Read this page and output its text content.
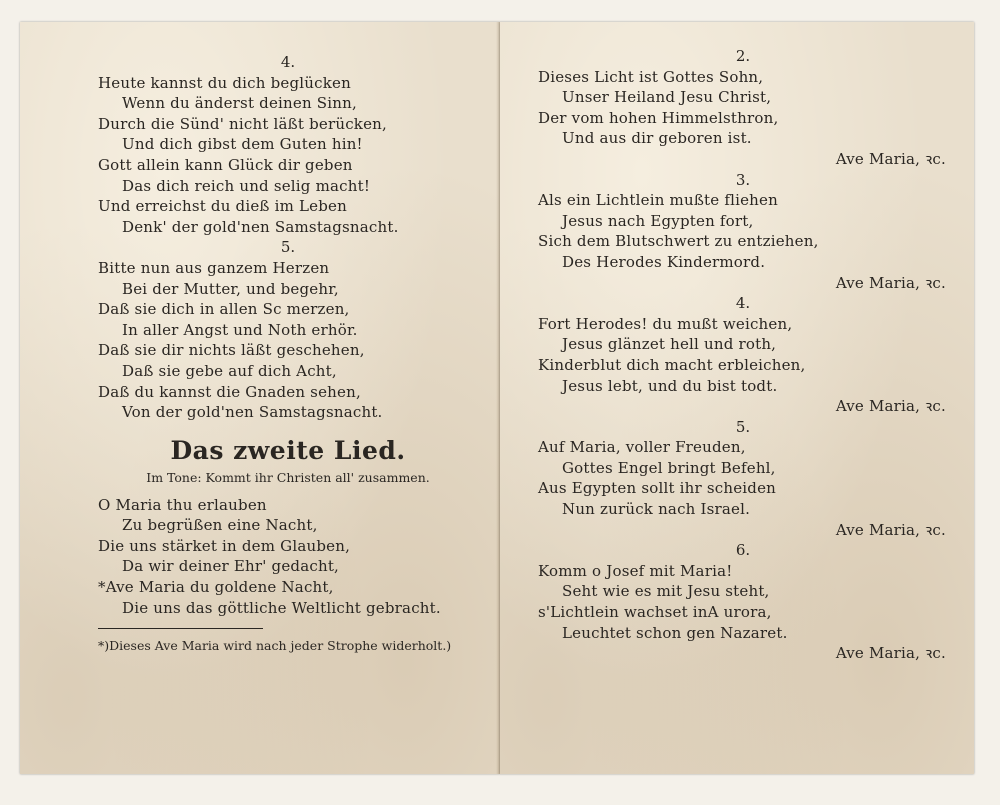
4.
Heute kannst du dich beglücken
Wenn du änderst deinen Sinn,
Durch die Sünd' nicht läßt berücken,
Und dich gibst dem Guten hin!
Gott allein kann Glück dir geben
Das dich reich und selig macht!
Und erreichst du dieß im Leben
Denk' der gold'nen Samstagsnacht.
5.
Bitte nun aus ganzem Herzen
Bei der Mutter, und begehr,
Daß sie dich in allen Sc merzen,
In aller Angst und Noth erhör.
Daß sie dir nichts läßt geschehen,
Daß sie gebe auf dich Acht,
Daß du kannst die Gnaden sehen,
Von der gold'nen Samstagsnacht.
Das zweite Lied.
Im Tone: Kommt ihr Christen all' zusammen.
O Maria thu erlauben
Zu begrüßen eine Nacht,
Die uns stärket in dem Glauben,
Da wir deiner Ehr' gedacht,
*Ave Maria du goldene Nacht,
Die uns das göttliche Weltlicht gebracht.
*)Dieses Ave Maria wird nach jeder Strophe widerholt.)
2.
Dieses Licht ist Gottes Sohn,
Unser Heiland Jesu Christ,
Der vom hohen Himmelsthron,
Und aus dir geboren ist.
Ave Maria, ꝛc.
3.
Als ein Lichtlein mußte fliehen
Jesus nach Egypten fort,
Sich dem Blutschwert zu entziehen,
Des Herodes Kindermord.
Ave Maria, ꝛc.
4.
Fort Herodes! du mußt weichen,
Jesus glänzet hell und roth,
Kinderblut dich macht erbleichen,
Jesus lebt, und du bist todt.
Ave Maria, ꝛc.
5.
Auf Maria, voller Freuden,
Gottes Engel bringt Befehl,
Aus Egypten sollt ihr scheiden
Nun zurück nach Israel.
Ave Maria, ꝛc.
6.
Komm o Josef mit Maria!
Seht wie es mit Jesu steht,
s'Lichtlein wachset inA urora,
Leuchtet schon gen Nazaret.
Ave Maria, ꝛc.
